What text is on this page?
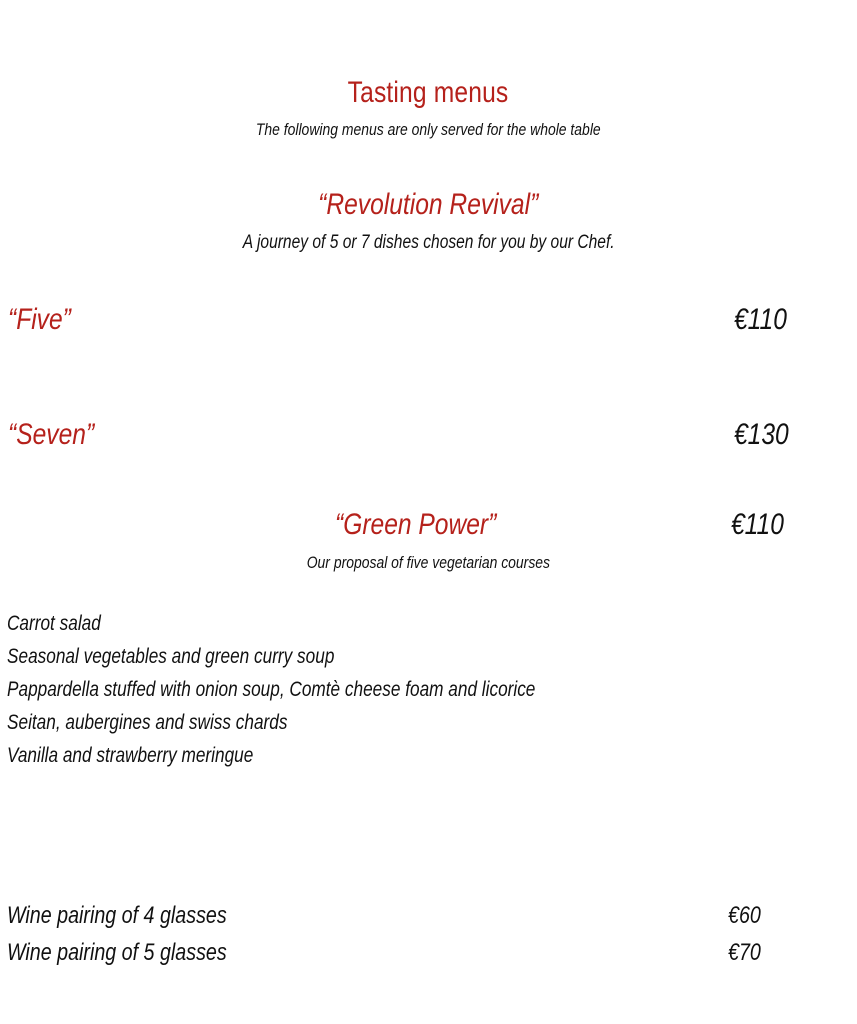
Tasting menus
The following menus are only served for the whole table
“Revolution Revival”
A journey of 5 or 7 dishes chosen for you by our Chef.
“Five”	€110
“Seven”	€130
“Green Power”	€110
Our proposal of five vegetarian courses
Carrot salad
Seasonal vegetables and green curry soup
Pappardella stuffed with onion soup, Comtè cheese foam and licorice
Seitan, aubergines and swiss chards
Vanilla and strawberry meringue
Wine pairing of 4 glasses	€60
Wine pairing of 5 glasses	€70
